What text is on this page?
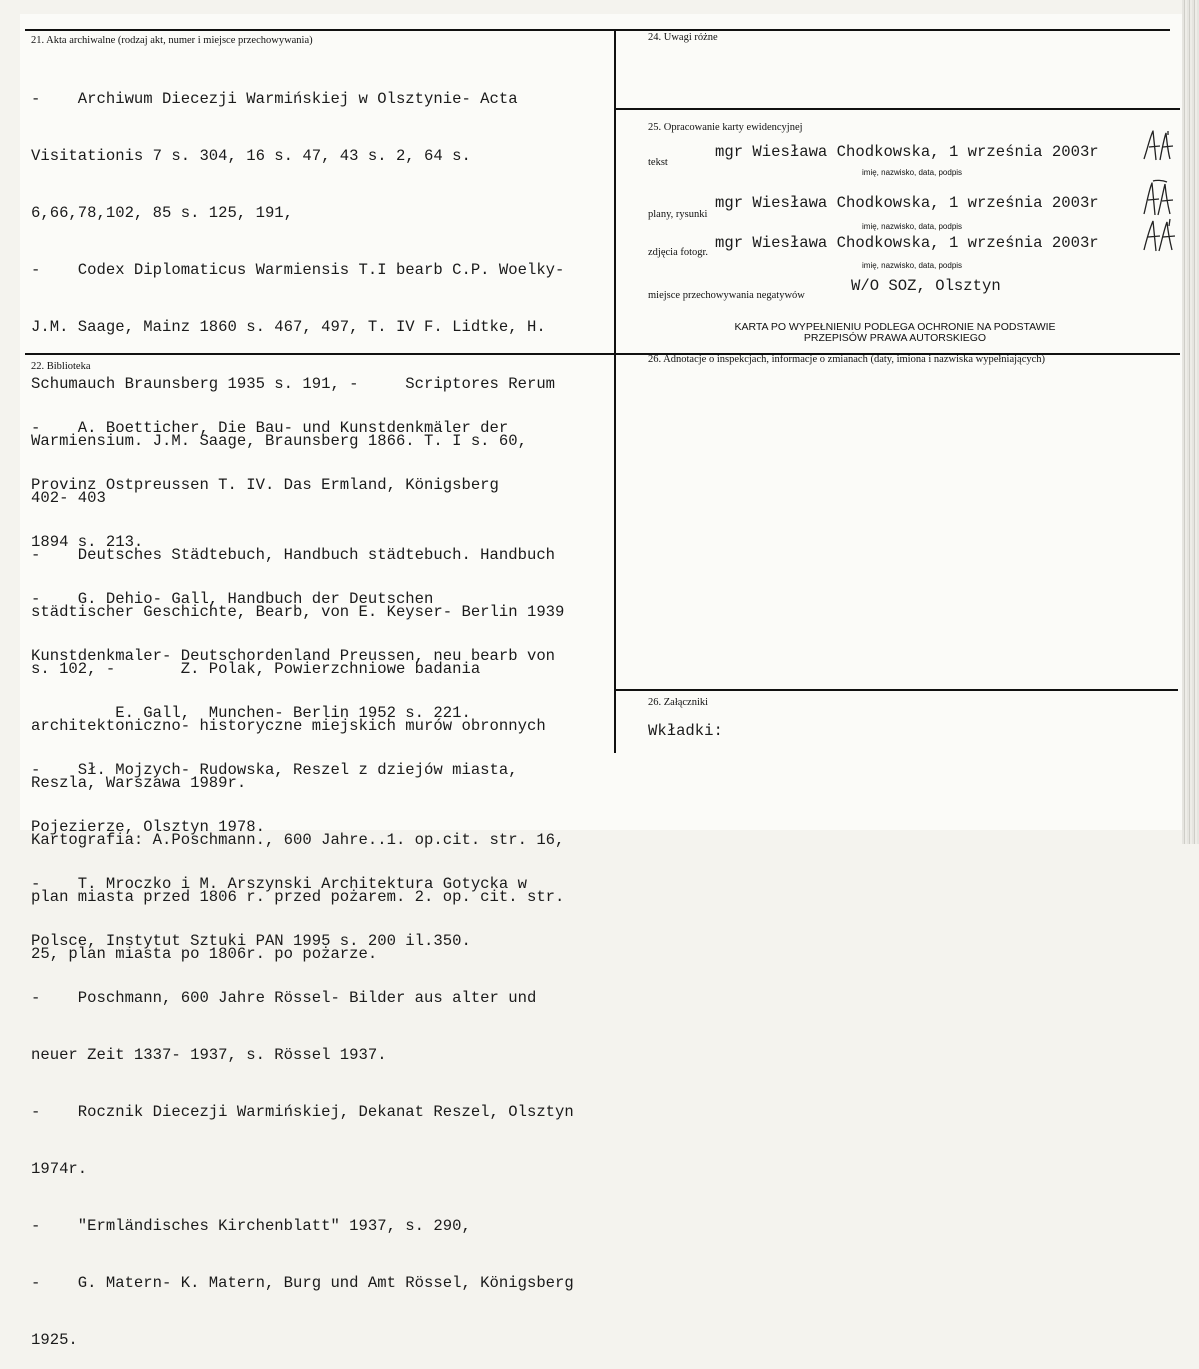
21. Akta archiwalne (rodzaj akt, numer i miejsce przechowywania)

-    Archiwum Diecezji Warmińskiej w Olsztynie- Acta

Visitationis 7 s. 304, 16 s. 47, 43 s. 2, 64 s.

6,66,78,102, 85 s. 125, 191,

-    Codex Diplomaticus Warmiensis T.I bearb C.P. Woelky-

J.M. Saage, Mainz 1860 s. 467, 497, T. IV F. Lidtke, H.

Schumauch Braunsberg 1935 s. 191, -     Scriptores Rerum

Warmiensium. J.M. Saage, Braunsberg 1866. T. I s. 60,

402- 403

-    Deutsches Städtebuch, Handbuch städtebuch. Handbuch

städtischer Geschichte, Bearb, von E. Keyser- Berlin 1939

s. 102, -       Z. Polak, Powierzchniowe badania

architektoniczno- historyczne miejskich murów obronnych

Reszla, Warszawa 1989r.

Kartografia: A.Poschmann., 600 Jahre..1. op.cit. str. 16,

plan miasta przed 1806 r. przed pożarem. 2. op. cit. str.

25, plan miasta po 1806r. po pożarze.

22. Biblioteka

-    A. Boetticher, Die Bau- und Kunstdenkmäler der

Provinz Ostpreussen T. IV. Das Ermland, Königsberg

1894 s. 213.

-    G. Dehio- Gall, Handbuch der Deutschen

Kunstdenkmaler- Deutschordenland Preussen, neu bearb von

E. Gall,  Munchen- Berlin 1952 s. 221.

-    Sł. Mojzych- Rudowska, Reszel z dziejów miasta,

Pojezierze, Olsztyn 1978.

-    T. Mroczko i M. Arszynski Architektura Gotycka w

Polsce, Instytut Sztuki PAN 1995 s. 200 il.350.

-    Poschmann, 600 Jahre Rössel- Bilder aus alter und

neuer Zeit 1337- 1937, s. Rössel 1937.

-    Rocznik Diecezji Warmińskiej, Dekanat Reszel, Olsztyn

1974r.

-    "Ermländisches Kirchenblatt" 1937, s. 290,

-    G. Matern- K. Matern, Burg und Amt Rössel, Königsberg

1925.

24. Uwagi różne
25. Opracowanie karty ewidencyjnej
tekst
mgr Wiesława Chodkowska, 1 września 2003r
imię, nazwisko, data, podpis
plany, rysunki
mgr Wiesława Chodkowska, 1 września 2003r
imię, nazwisko, data, podpis
zdjęcia fotogr.
mgr Wiesława Chodkowska, 1 września 2003r
imię, nazwisko, data, podpis
miejsce przechowywania negatywów
W/O SOZ, Olsztyn
KARTA PO WYPEŁNIENIU PODLEGA OCHRONIE NA PODSTAWIE
PRZEPISÓW PRAWA AUTORSKIEGO
26. Adnotacje o inspekcjach, informacje o zmianach (daty, imiona i nazwiska wypełniających)
26. Załączniki
Wkładki:
